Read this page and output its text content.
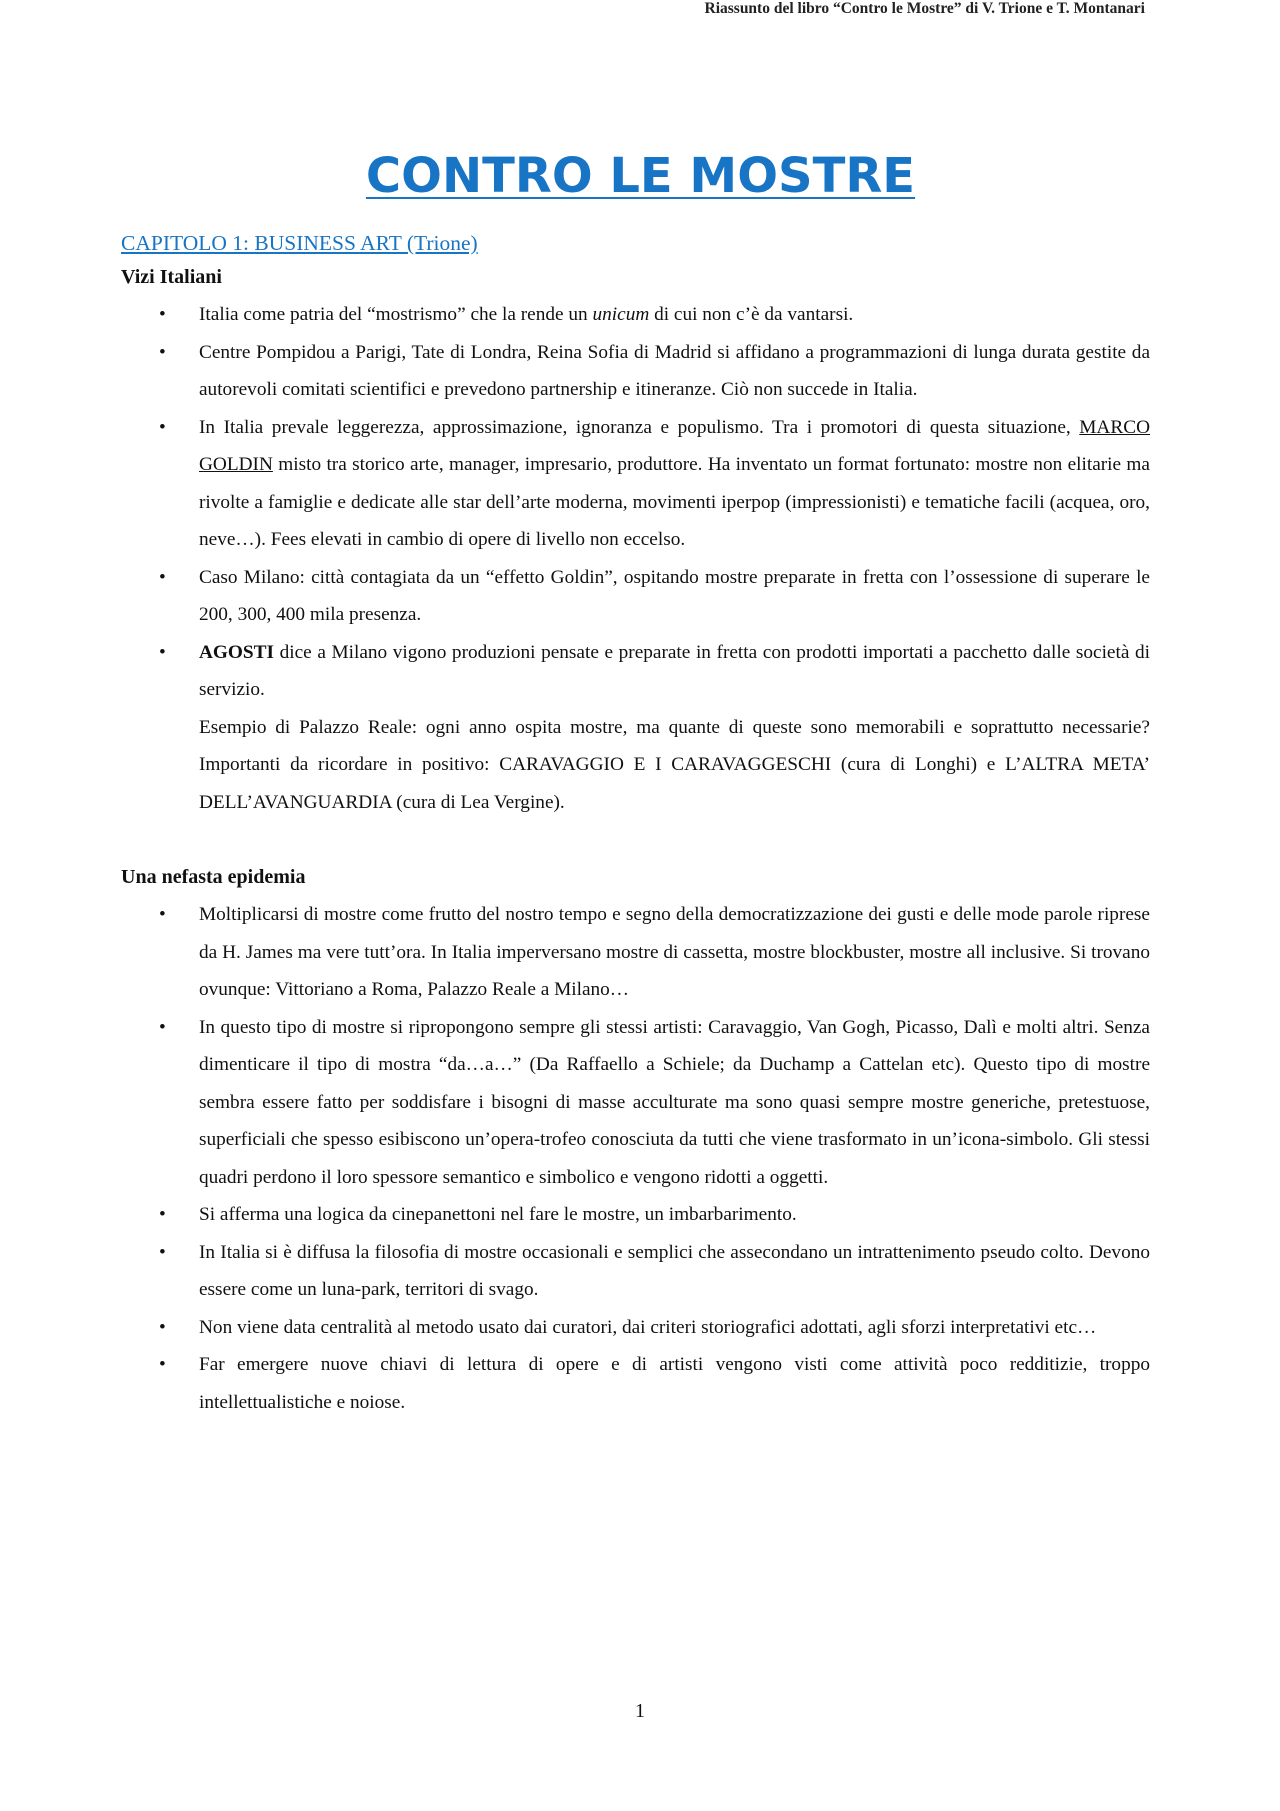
Riassunto del libro “Contro le Mostre” di V. Trione e T. Montanari
CONTRO LE MOSTRE
CAPITOLO 1: BUSINESS ART (Trione)
Vizi Italiani
• Italia come patria del “mostrismo” che la rende un unicum di cui non c’è da vantarsi.
• Centre Pompidou a Parigi, Tate di Londra, Reina Sofia di Madrid si affidano a programmazioni di lunga durata gestite da autorevoli comitati scientifici e prevedono partnership e itineranze. Ciò non succede in Italia.
• In Italia prevale leggerezza, approssimazione, ignoranza e populismo. Tra i promotori di questa situazione, MARCO GOLDIN misto tra storico arte, manager, impresario, produttore. Ha inventato un format fortunato: mostre non elitarie ma rivolte a famiglie e dedicate alle star dell’arte moderna, movimenti iperpop (impressionisti) e tematiche facili (acquea, oro, neve…). Fees elevati in cambio di opere di livello non eccelso.
• Caso Milano: città contagiata da un “effetto Goldin”, ospitando mostre preparate in fretta con l’ossessione di superare le 200, 300, 400 mila presenza.
• AGOSTI dice a Milano vigono produzioni pensate e preparate in fretta con prodotti importati a pacchetto dalle società di servizio.
Esempio di Palazzo Reale: ogni anno ospita mostre, ma quante di queste sono memorabili e soprattutto necessarie? Importanti da ricordare in positivo: CARAVAGGIO E I CARAVAGGESCHI (cura di Longhi) e L’ALTRA META’ DELL’AVANGUARDIA (cura di Lea Vergine).
Una nefasta epidemia
• Moltiplicarsi di mostre come frutto del nostro tempo e segno della democratizzazione dei gusti e delle mode parole riprese da H. James ma vere tutt’ora. In Italia imperversano mostre di cassetta, mostre blockbuster, mostre all inclusive. Si trovano ovunque: Vittoriano a Roma, Palazzo Reale a Milano…
• In questo tipo di mostre si ripropongono sempre gli stessi artisti: Caravaggio, Van Gogh, Picasso, Dalì e molti altri. Senza dimenticare il tipo di mostra “da…a…” (Da Raffaello a Schiele; da Duchamp a Cattelan etc). Questo tipo di mostre sembra essere fatto per soddisfare i bisogni di masse acculturate ma sono quasi sempre mostre generiche, pretestuose, superficiali che spesso esibiscono un’opera-trofeo conosciuta da tutti che viene trasformato in un’icona-simbolo. Gli stessi quadri perdono il loro spessore semantico e simbolico e vengono ridotti a oggetti.
• Si afferma una logica da cinepanettoni nel fare le mostre, un imbarbarimento.
• In Italia si è diffusa la filosofia di mostre occasionali e semplici che assecondano un intrattenimento pseudo colto. Devono essere come un luna-park, territori di svago.
• Non viene data centralità al metodo usato dai curatori, dai criteri storiografici adottati, agli sforzi interpretativi etc…
• Far emergere nuove chiavi di lettura di opere e di artisti vengono visti come attività poco redditizie, troppo intellettualistiche e noiose.
1
